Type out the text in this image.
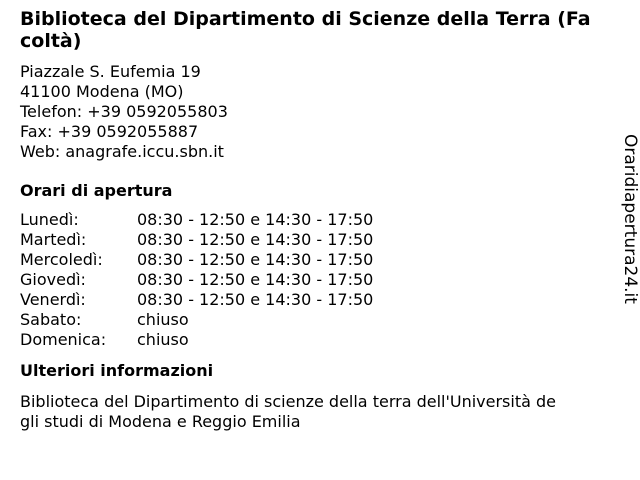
Biblioteca del Dipartimento di Scienze della Terra (Facoltà)
Piazzale S. Eufemia 19
41100 Modena (MO)
Telefon: +39 0592055803
Fax: +39 0592055887
Web: anagrafe.iccu.sbn.it
Orari di apertura
Lunedì:	08:30 - 12:50 e 14:30 - 17:50
Martedì:	08:30 - 12:50 e 14:30 - 17:50
Mercoledì:	08:30 - 12:50 e 14:30 - 17:50
Giovedì:	08:30 - 12:50 e 14:30 - 17:50
Venerdì:	08:30 - 12:50 e 14:30 - 17:50
Sabato:	chiuso
Domenica:	chiuso
Ulteriori informazioni
Biblioteca del Dipartimento di scienze della terra dell'Università degli studi di Modena e Reggio Emilia
Oraridiapertura24.it
